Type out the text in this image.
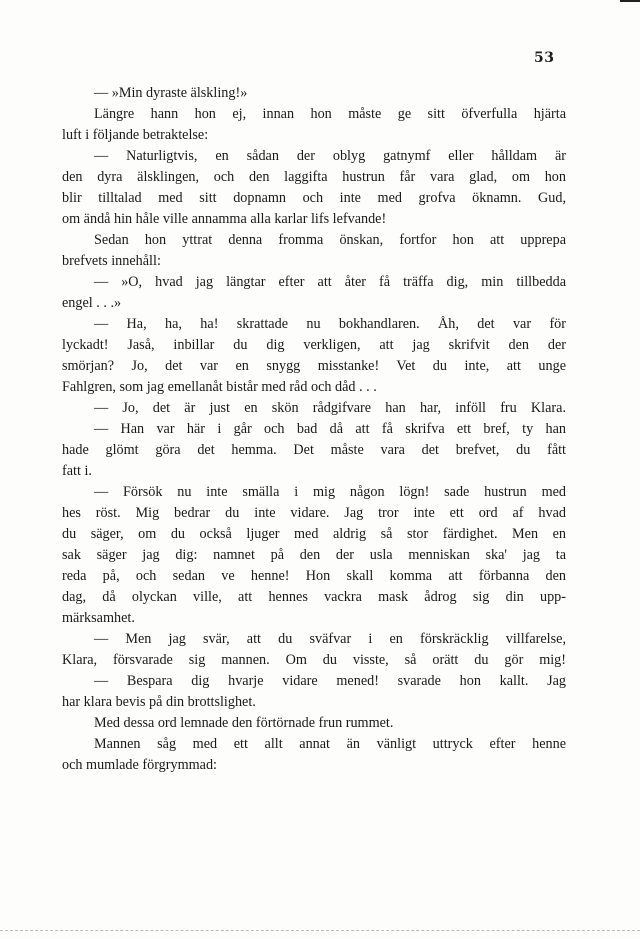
53
— »Min dyraste älskling!»
Längre hann hon ej, innan hon måste ge sitt öfverfulla hjärta
luft i följande betraktelse:
— Naturligtvis, en sådan der oblyg gatnymf eller hålldam är
den dyra älsklingen, och den laggifta hustrun får vara glad, om hon
blir tilltalad med sitt dopnamn och inte med grofva öknamn. Gud,
om ändå hin håle ville annamma alla karlar lifs lefvande!
Sedan hon yttrat denna fromma önskan, fortfor hon att upprepa
brefvets innehåll:
— »O, hvad jag längtar efter att åter få träffa dig, min tillbedda
engel . . .»
— Ha, ha, ha! skrattade nu bokhandlaren. Åh, det var för
lyckadt! Jaså, inbillar du dig verkligen, att jag skrifvit den der
smörjan? Jo, det var en snygg misstanke! Vet du inte, att unge
Fahlgren, som jag emellanåt bistår med råd och dåd . . .
— Jo, det är just en skön rådgifvare han har, inföll fru Klara.
— Han var här i går och bad då att få skrifva ett bref, ty han
hade glömt göra det hemma. Det måste vara det brefvet, du fått
fatt i.
— Försök nu inte smälla i mig någon lögn! sade hustrun med
hes röst. Mig bedrar du inte vidare. Jag tror inte ett ord af hvad
du säger, om du också ljuger med aldrig så stor färdighet. Men en
sak säger jag dig: namnet på den der usla menniskan ska' jag ta
reda på, och sedan ve henne! Hon skall komma att förbanna den
dag, då olyckan ville, att hennes vackra mask ådrog sig din upp-
märksamhet.
— Men jag svär, att du sväfvar i en förskräcklig villfarelse,
Klara, försvarade sig mannen. Om du visste, så orätt du gör mig!
— Bespara dig hvarje vidare mened! svarade hon kallt. Jag
har klara bevis på din brottslighet.
Med dessa ord lemnade den förtörnade frun rummet.
Mannen såg med ett allt annat än vänligt uttryck efter henne
och mumlade förgrymmad:
